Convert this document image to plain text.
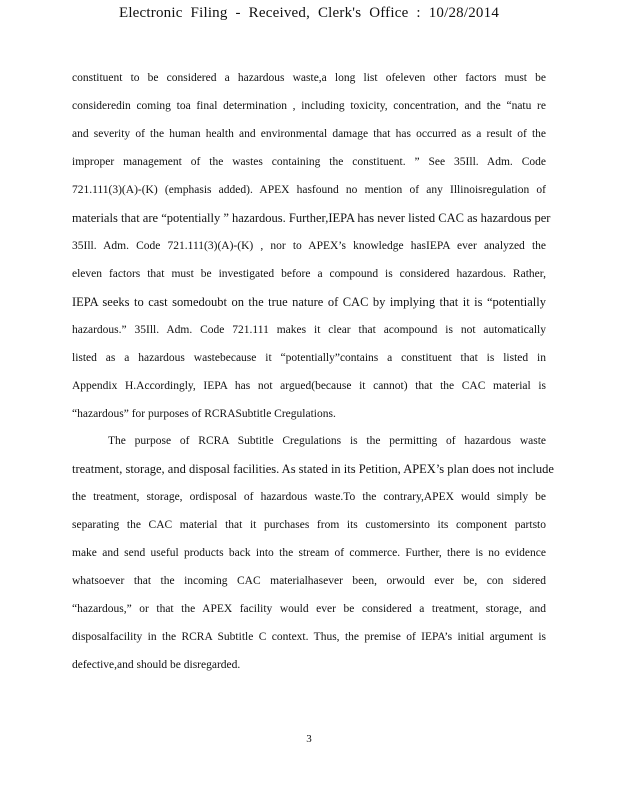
Electronic Filing - Received, Clerk's Office : 10/28/2014
constituent to be considered a hazardous waste,a long list ofeleven other factors must be
consideredin coming toa final determination , including toxicity, concentration, and the “natu re
and severity of the human health and environmental damage that has occurred as a result of the
improper management of the wastes containing the constituent. ” See 35Ill. Adm. Code
721.111(3)(A)-(K) (emphasis added). APEX hasfound no mention of any Illinoisregulation of
materials that are “potentially ” hazardous. Further,IEPA has never listed CAC as hazardous per
35Ill. Adm. Code 721.111(3)(A)-(K) , nor to APEX’s knowledge hasIEPA ever analyzed the
eleven factors that must be investigated before a compound is considered hazardous. Rather,
IEPA seeks to cast somedoubt on the true nature of CAC by implying that it is “potentially
hazardous.” 35Ill. Adm. Code 721.111 makes it clear that acompound is not automatically
listed as a hazardous wastebecause it “potentially”contains a constituent that is listed in
Appendix H.Accordingly, IEPA has not argued(because it cannot) that the CAC material is
“hazardous” for purposes of RCRASubtitle Cregulations.
The purpose of RCRA Subtitle Cregulations is the permitting of hazardous waste
treatment, storage, and disposal facilities. As stated in its Petition, APEX’s plan does not include
the treatment, storage, ordisposal of hazardous waste.To the contrary,APEX would simply be
separating the CAC material that it purchases from its customersinto its component partsto
make and send useful products back into the stream of commerce. Further, there is no evidence
whatsoever that the incoming CAC materialhasever been, orwould ever be, con sidered
“hazardous,” or that the APEX facility would ever be considered a treatment, storage, and
disposalfacility in the RCRA Subtitle C context. Thus, the premise of IEPA’s initial argument is
defective,and should be disregarded.
3
